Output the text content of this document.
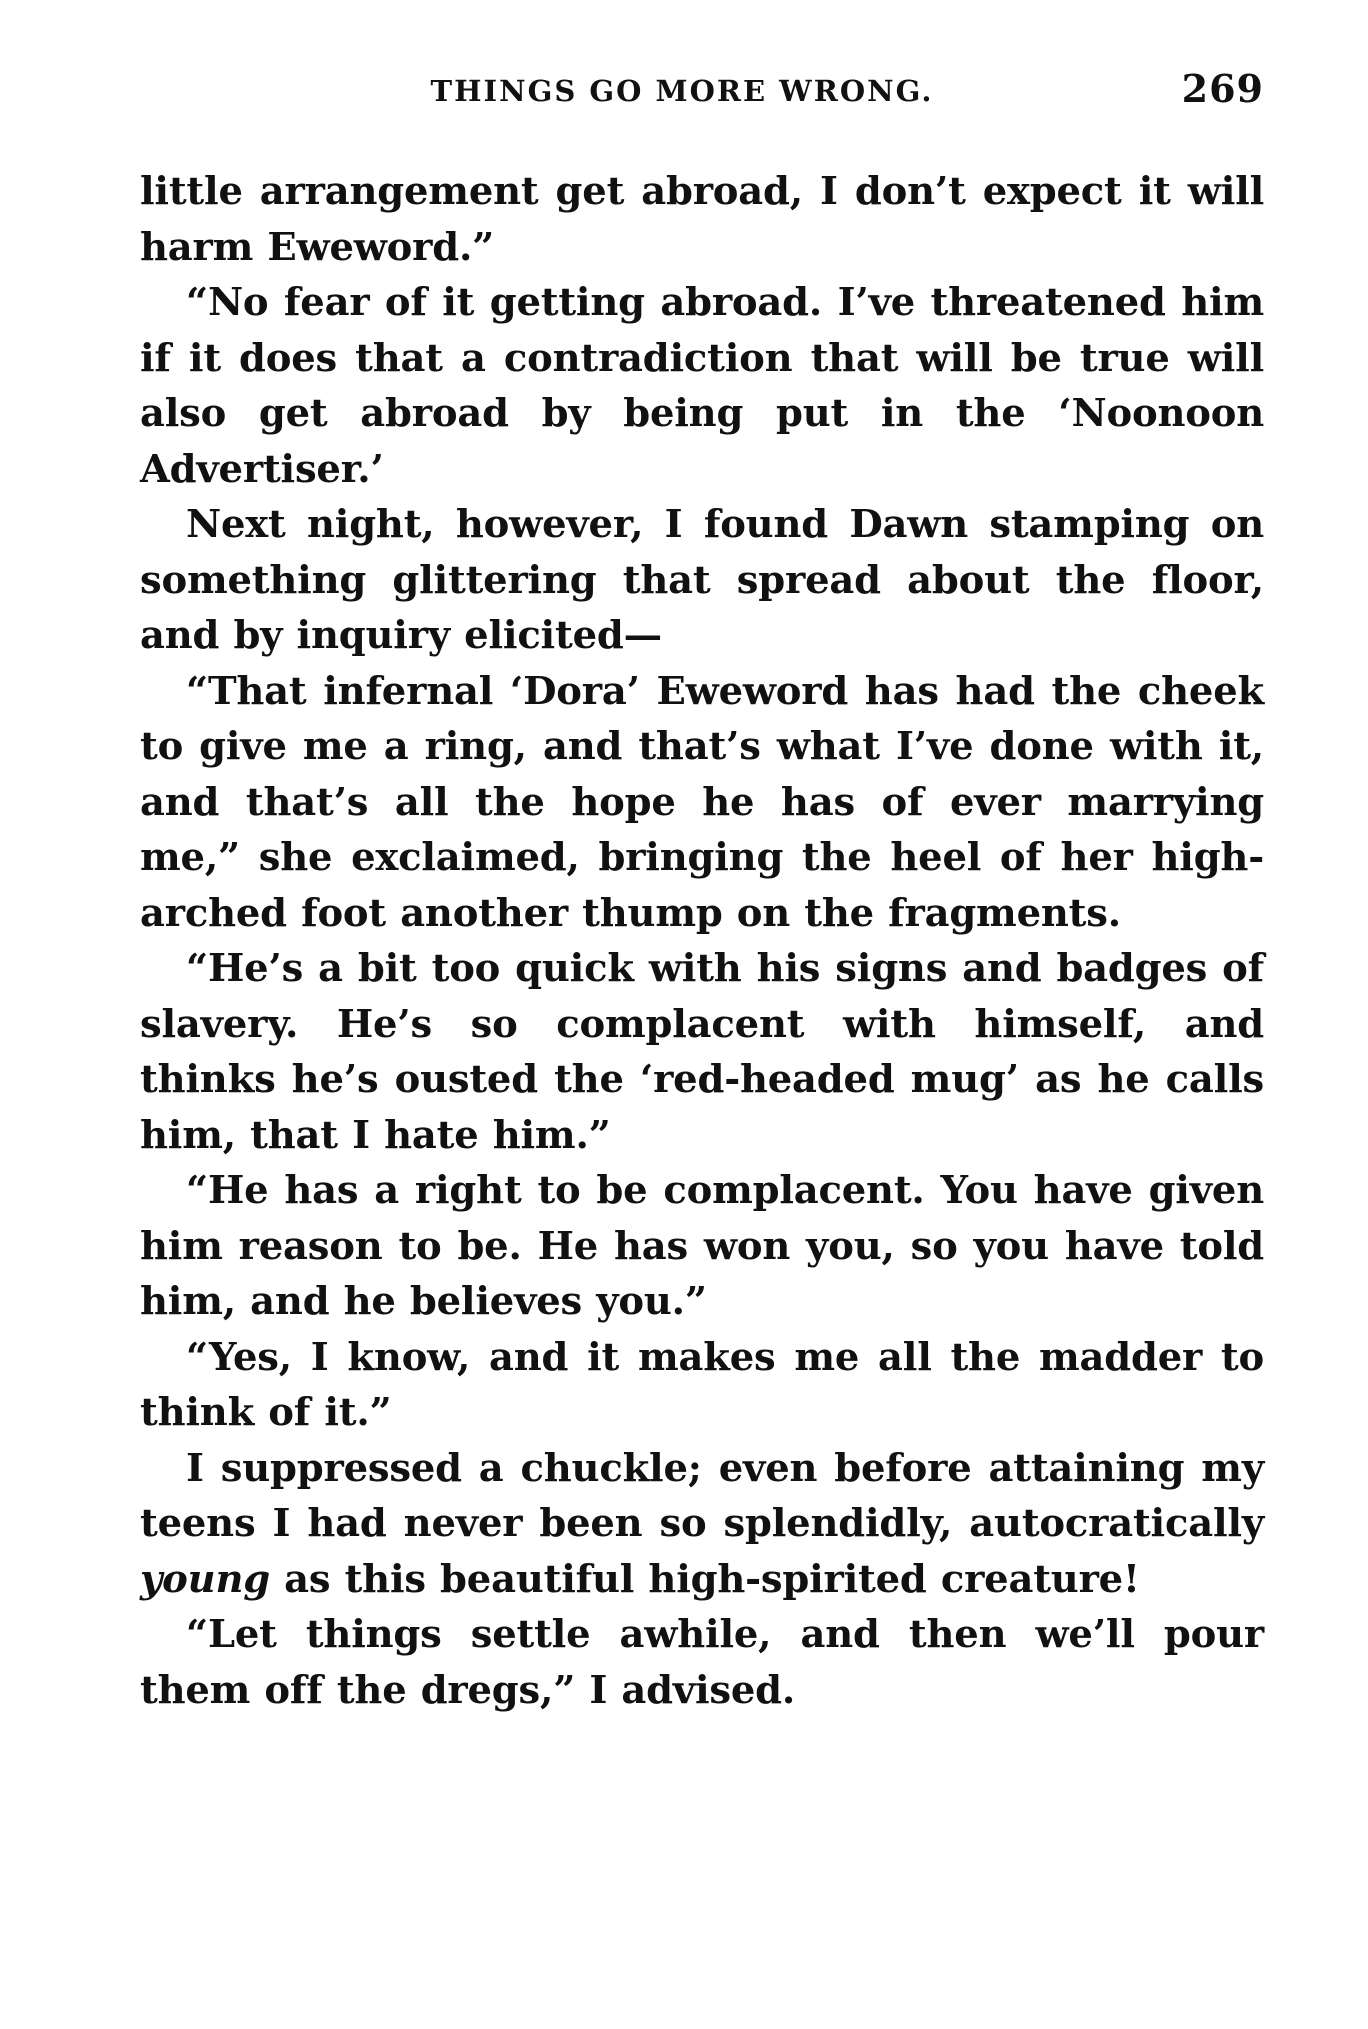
THINGS GO MORE WRONG.	269

little arrangement get abroad, I don’t expect it will harm Eweword.”

“No fear of it getting abroad. I’ve threatened him if it does that a contradiction that will be true will also get abroad by being put in the ‘Noonoon Advertiser.’

Next night, however, I found Dawn stamping on something glittering that spread about the floor, and by inquiry elicited—

“That infernal ‘Dora’ Eweword has had the cheek to give me a ring, and that’s what I’ve done with it, and that’s all the hope he has of ever marrying me,” she exclaimed, bringing the heel of her high-arched foot another thump on the fragments.

“He’s a bit too quick with his signs and badges of slavery. He’s so complacent with himself, and thinks he’s ousted the ‘red-headed mug’ as he calls him, that I hate him.”

“He has a right to be complacent. You have given him reason to be. He has won you, so you have told him, and he believes you.”

“Yes, I know, and it makes me all the madder to think of it.”

I suppressed a chuckle; even before attaining my teens I had never been so splendidly, autocratically young as this beautiful high-spirited creature!

“Let things settle awhile, and then we’ll pour them off the dregs,” I advised.
